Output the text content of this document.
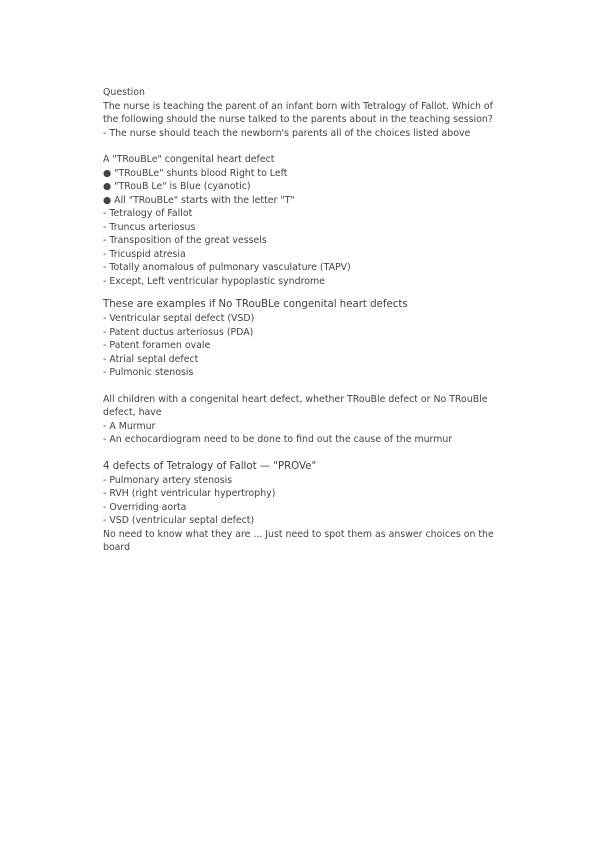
Question
The nurse is teaching the parent of an infant born with Tetralogy of Fallot. Which of the following should the nurse talked to the parents about in the teaching session?
- The nurse should teach the newborn's parents all of the choices listed above
A "TRouBLe" congenital heart defect
● "TRouBLe" shunts blood Right to Left
● "TRouB Le" is Blue (cyanotic)
● All "TRouBLe" starts with the letter "T"
- Tetralogy of Fallot
- Truncus arteriosus
- Transposition of the great vessels
- Tricuspid atresia
- Totally anomalous of pulmonary vasculature (TAPV)
- Except, Left ventricular hypoplastic syndrome
These are examples if No TRouBLe congenital heart defects
- Ventricular septal defect (VSD)
- Patent ductus arteriosus (PDA)
- Patent foramen ovale
- Atrial septal defect
- Pulmonic stenosis
All children with a congenital heart defect, whether TRouBle defect or No TRouBle defect, have
- A Murmur
- An echocardiogram need to be done to find out the cause of the murmur
4 defects of Tetralogy of Fallot — "PROVe"
- Pulmonary artery stenosis
- RVH (right ventricular hypertrophy)
- Overriding aorta
- VSD (ventricular septal defect)
No need to know what they are ... Just need to spot them as answer choices on the board
